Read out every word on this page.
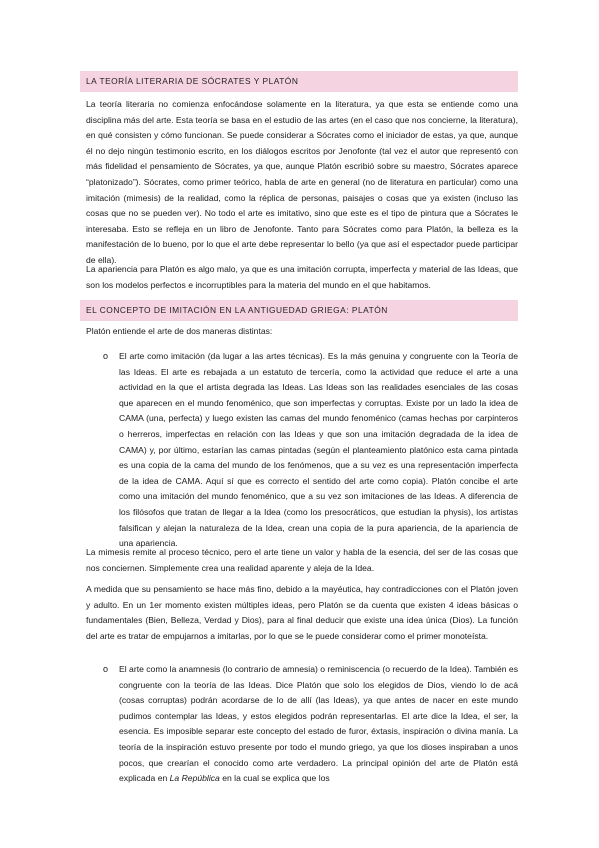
LA TEORÍA LITERARIA DE SÓCRATES Y PLATÓN

La teoría literaria no comienza enfocándose solamente en la literatura, ya que esta se entiende como una disciplina más del arte. Esta teoría se basa en el estudio de las artes (en el caso que nos concierne, la literatura), en qué consisten y cómo funcionan. Se puede considerar a Sócrates como el iniciador de estas, ya que, aunque él no dejo ningún testimonio escrito, en los diálogos escritos por Jenofonte (tal vez el autor que representó con más fidelidad el pensamiento de Sócrates, ya que, aunque Platón escribió sobre su maestro, Sócrates aparece “platonizado”). Sócrates, como primer teórico, habla de arte en general (no de literatura en particular) como una imitación (mimesis) de la realidad, como la réplica de personas, paisajes o cosas que ya existen (incluso las cosas que no se pueden ver). No todo el arte es imitativo, sino que este es el tipo de pintura que a Sócrates le interesaba. Esto se refleja en un libro de Jenofonte. Tanto para Sócrates como para Platón, la belleza es la manifestación de lo bueno, por lo que el arte debe representar lo bello (ya que así el espectador puede participar de ella).

La apariencia para Platón es algo malo, ya que es una imitación corrupta, imperfecta y material de las Ideas, que son los modelos perfectos e incorruptibles para la materia del mundo en el que habitamos.

EL CONCEPTO DE IMITACIÓN EN LA ANTIGUEDAD GRIEGA: PLATÓN

Platón entiende el arte de dos maneras distintas:

o El arte como imitación (da lugar a las artes técnicas). Es la más genuina y congruente con la Teoría de las Ideas. El arte es rebajada a un estatuto de tercería, como la actividad que reduce el arte a una actividad en la que el artista degrada las Ideas. Las Ideas son las realidades esenciales de las cosas que aparecen en el mundo fenoménico, que son imperfectas y corruptas. Existe por un lado la idea de CAMA (una, perfecta) y luego existen las camas del mundo fenoménico (camas hechas por carpinteros o herreros, imperfectas en relación con las Ideas y que son una imitación degradada de la idea de CAMA) y, por último, estarían las camas pintadas (según el planteamiento platónico esta cama pintada es una copia de la cama del mundo de los fenómenos, que a su vez es una representación imperfecta de la idea de CAMA. Aquí sí que es correcto el sentido del arte como copia). Platón concibe el arte como una imitación del mundo fenoménico, que a su vez son imitaciones de las Ideas. A diferencia de los filósofos que tratan de llegar a la Idea (como los presocráticos, que estudian la physis), los artistas falsifican y alejan la naturaleza de la Idea, crean una copia de la pura apariencia, de la apariencia de una apariencia.

La mimesis remite al proceso técnico, pero el arte tiene un valor y habla de la esencia, del ser de las cosas que nos conciernen. Simplemente crea una realidad aparente y aleja de la Idea.

A medida que su pensamiento se hace más fino, debido a la mayéutica, hay contradicciones con el Platón joven y adulto. En un 1er momento existen múltiples ideas, pero Platón se da cuenta que existen 4 ideas básicas o fundamentales (Bien, Belleza, Verdad y Dios), para al final deducir que existe una idea única (Dios). La función del arte es tratar de empujarnos a imitarlas, por lo que se le puede considerar como el primer monoteísta.

o El arte como la anamnesis (lo contrario de amnesia) o reminiscencia (o recuerdo de la Idea). También es congruente con la teoría de las Ideas. Dice Platón que solo los elegidos de Dios, viendo lo de acá (cosas corruptas) podrán acordarse de lo de allí (las Ideas), ya que antes de nacer en este mundo pudimos contemplar las Ideas, y estos elegidos podrán representarlas. El arte dice la Idea, el ser, la esencia. Es imposible separar este concepto del estado de furor, éxtasis, inspiración o divina manía. La teoría de la inspiración estuvo presente por todo el mundo griego, ya que los dioses inspiraban a unos pocos, que crearían el conocido como arte verdadero. La principal opinión del arte de Platón está explicada en La República en la cual se explica que los
